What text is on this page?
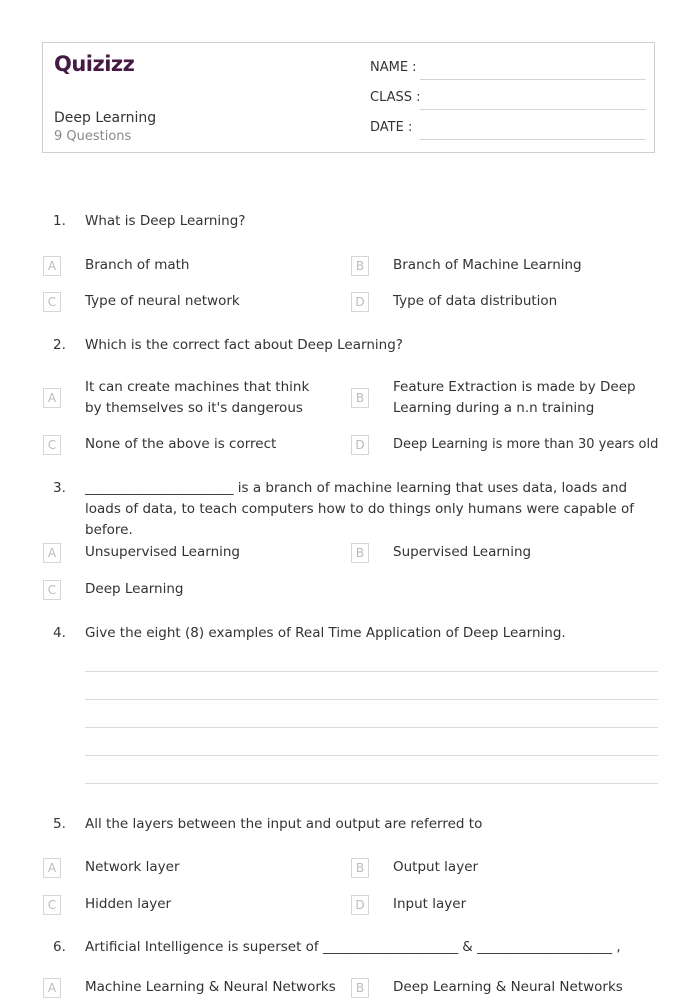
Quizizz
Deep Learning
9 Questions
NAME :
CLASS :
DATE :
1. What is Deep Learning?
A	Branch of math	B	Branch of Machine Learning
C	Type of neural network	D	Type of data distribution
2. Which is the correct fact about Deep Learning?
A
It can create machines that think by themselves so it's dangerous
B
Feature Extraction is made by Deep Learning during a n.n training
C	None of the above is correct	D	Deep Learning is more than 30 years old
3. ______________________ is a branch of machine learning that uses data, loads and loads of data, to teach computers how to do things only humans were capable of before.
A	Unsupervised Learning	B	Supervised Learning
C	Deep Learning
4. Give the eight (8) examples of Real Time Application of Deep Learning.
5. All the layers between the input and output are referred to
A	Network layer	B	Output layer
C	Hidden layer	D	Input layer
6. Artificial Intelligence is superset of ____________________ & ____________________ ,
A	Machine Learning & Neural Networks	B	Deep Learning & Neural Networks
